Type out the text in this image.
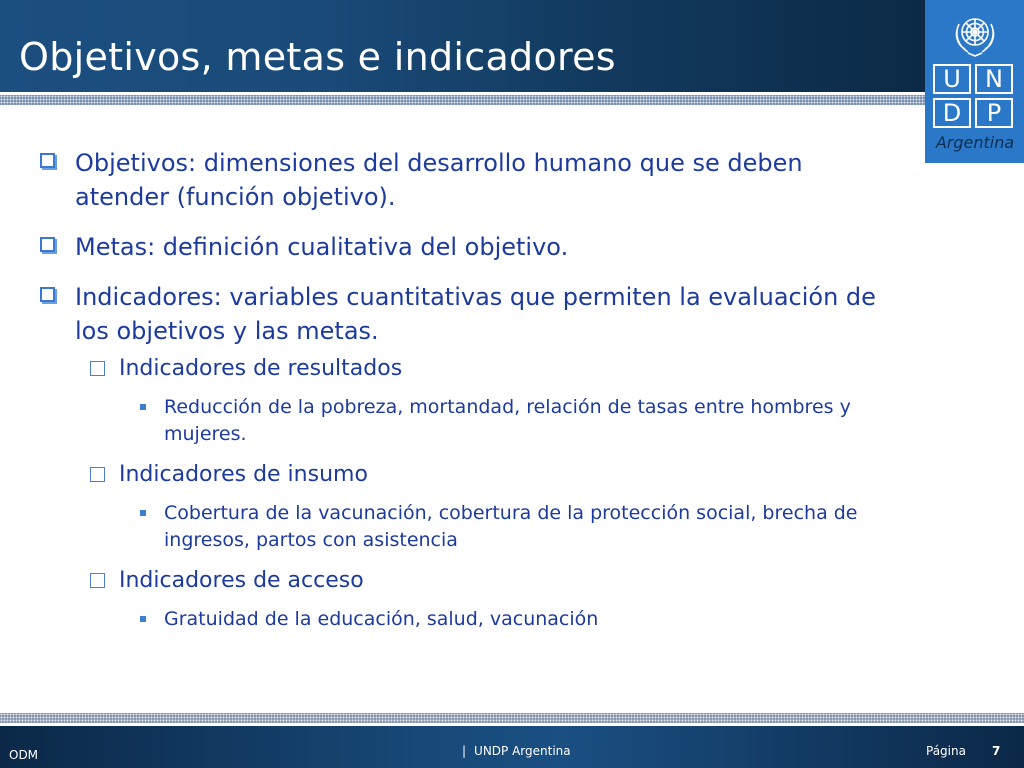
Objetivos, metas e indicadores	U	N
D	P
Argentina
Objetivos: dimensiones del desarrollo humano que se deben atender (función objetivo).
Metas: definición cualitativa del objetivo.
Indicadores: variables cuantitativas que permiten la evaluación de los objetivos y las metas.
Indicadores de resultados
Reducción de la pobreza, mortandad, relación de tasas entre hombres y mujeres.
Indicadores de insumo
Cobertura de la vacunación, cobertura de la protección social, brecha de ingresos, partos con asistencia
Indicadores de acceso
Gratuidad de la educación, salud, vacunación
ODM	| UNDP Argentina	Página 7
